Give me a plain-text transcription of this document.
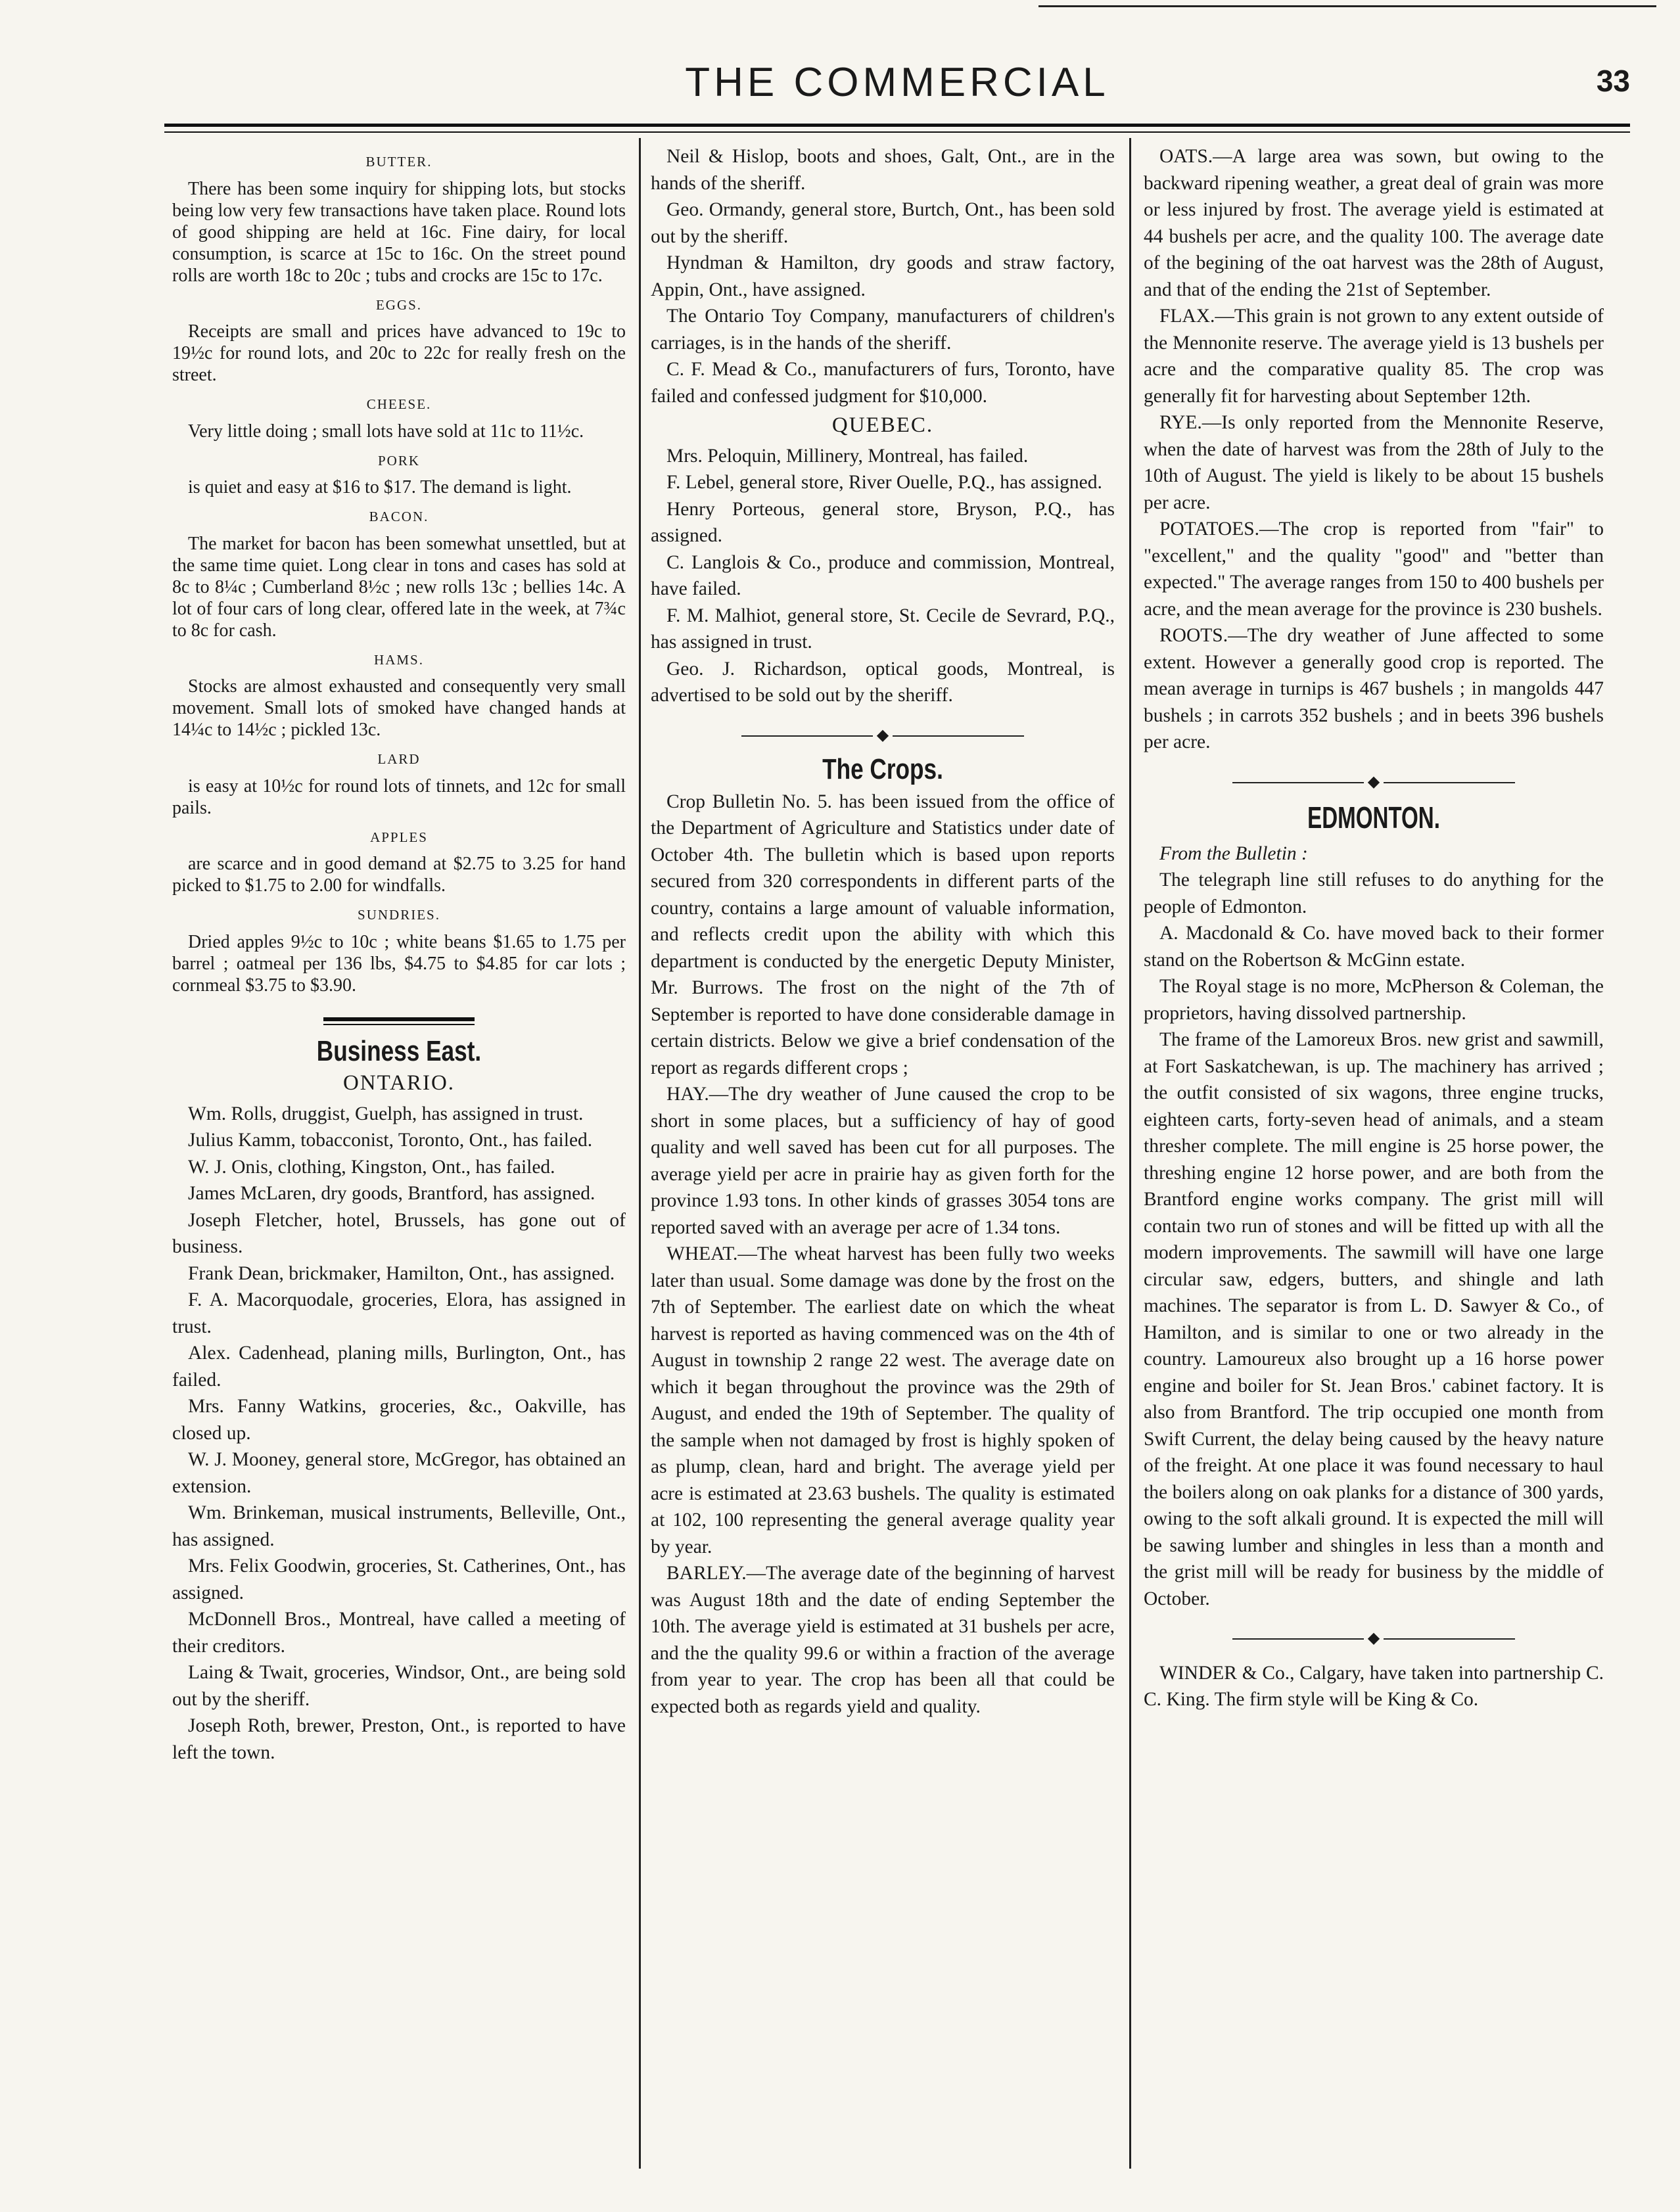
THE COMMERCIAL	33
BUTTER.

There has been some inquiry for shipping lots, but stocks being low very few transactions have taken place. Round lots of good shipping are held at 16c. Fine dairy, for local consumption, is scarce at 15c to 16c. On the street pound rolls are worth 18c to 20c ; tubs and crocks are 15c to 17c.

EGGS.

Receipts are small and prices have advanced to 19c to 19½c for round lots, and 20c to 22c for really fresh on the street.

CHEESE.

Very little doing ; small lots have sold at 11c to 11½c.

PORK

is quiet and easy at $16 to $17. The demand is light.

BACON.

The market for bacon has been somewhat unsettled, but at the same time quiet. Long clear in tons and cases has sold at 8c to 8¼c ; Cumberland 8½c ; new rolls 13c ; bellies 14c. A lot of four cars of long clear, offered late in the week, at 7¾c to 8c for cash.

HAMS.

Stocks are almost exhausted and consequently very small movement. Small lots of smoked have changed hands at 14¼c to 14½c ; pickled 13c.

LARD

is easy at 10½c for round lots of tinnets, and 12c for small pails.

APPLES

are scarce and in good demand at $2.75 to 3.25 for hand picked to $1.75 to 2.00 for windfalls.

SUNDRIES.

Dried apples 9½c to 10c ; white beans $1.65 to 1.75 per barrel ; oatmeal per 136 lbs, $4.75 to $4.85 for car lots ; cornmeal $3.75 to $3.90.

Business East.
ONTARIO.

Wm. Rolls, druggist, Guelph, has assigned in trust.

Julius Kamm, tobacconist, Toronto, Ont., has failed.

W. J. Onis, clothing, Kingston, Ont., has failed.

James McLaren, dry goods, Brantford, has assigned.

Joseph Fletcher, hotel, Brussels, has gone out of business.

Frank Dean, brickmaker, Hamilton, Ont., has assigned.

F. A. Macorquodale, groceries, Elora, has assigned in trust.

Alex. Cadenhead, planing mills, Burlington, Ont., has failed.

Mrs. Fanny Watkins, groceries, &c., Oakville, has closed up.

W. J. Mooney, general store, McGregor, has obtained an extension.

Wm. Brinkeman, musical instruments, Belleville, Ont., has assigned.

Mrs. Felix Goodwin, groceries, St. Catherines, Ont., has assigned.

McDonnell Bros., Montreal, have called a meeting of their creditors.

Laing & Twait, groceries, Windsor, Ont., are being sold out by the sheriff.

Joseph Roth, brewer, Preston, Ont., is reported to have left the town.

Neil & Hislop, boots and shoes, Galt, Ont., are in the hands of the sheriff.

Geo. Ormandy, general store, Burtch, Ont., has been sold out by the sheriff.

Hyndman & Hamilton, dry goods and straw factory, Appin, Ont., have assigned.

The Ontario Toy Company, manufacturers of children's carriages, is in the hands of the sheriff.

C. F. Mead & Co., manufacturers of furs, Toronto, have failed and confessed judgment for $10,000.

QUEBEC.

Mrs. Peloquin, Millinery, Montreal, has failed.

F. Lebel, general store, River Ouelle, P.Q., has assigned.

Henry Porteous, general store, Bryson, P.Q., has assigned.

C. Langlois & Co., produce and commission, Montreal, have failed.

F. M. Malhiot, general store, St. Cecile de Sevrard, P.Q., has assigned in trust.

Geo. J. Richardson, optical goods, Montreal, is advertised to be sold out by the sheriff.

◆
The Crops.

Crop Bulletin No. 5. has been issued from the office of the Department of Agriculture and Statistics under date of October 4th. The bulletin which is based upon reports secured from 320 correspondents in different parts of the country, contains a large amount of valuable information, and reflects credit upon the ability with which this department is conducted by the energetic Deputy Minister, Mr. Burrows. The frost on the night of the 7th of September is reported to have done considerable damage in certain districts. Below we give a brief condensation of the report as regards different crops ;

HAY.—The dry weather of June caused the crop to be short in some places, but a sufficiency of hay of good quality and well saved has been cut for all purposes. The average yield per acre in prairie hay as given forth for the province 1.93 tons. In other kinds of grasses 3054 tons are reported saved with an average per acre of 1.34 tons.

WHEAT.—The wheat harvest has been fully two weeks later than usual. Some damage was done by the frost on the 7th of September. The earliest date on which the wheat harvest is reported as having commenced was on the 4th of August in township 2 range 22 west. The average date on which it began throughout the province was the 29th of August, and ended the 19th of September. The quality of the sample when not damaged by frost is highly spoken of as plump, clean, hard and bright. The average yield per acre is estimated at 23.63 bushels. The quality is estimated at 102, 100 representing the general average quality year by year.

BARLEY.—The average date of the beginning of harvest was August 18th and the date of ending September the 10th. The average yield is estimated at 31 bushels per acre, and the the quality 99.6 or within a fraction of the average from year to year. The crop has been all that could be expected both as regards yield and quality.

OATS.—A large area was sown, but owing to the backward ripening weather, a great deal of grain was more or less injured by frost. The average yield is estimated at 44 bushels per acre, and the quality 100. The average date of the begining of the oat harvest was the 28th of August, and that of the ending the 21st of September.

FLAX.—This grain is not grown to any extent outside of the Mennonite reserve. The average yield is 13 bushels per acre and the comparative quality 85. The crop was generally fit for harvesting about September 12th.

RYE.—Is only reported from the Mennonite Reserve, when the date of harvest was from the 28th of July to the 10th of August. The yield is likely to be about 15 bushels per acre.

POTATOES.—The crop is reported from "fair" to "excellent," and the quality "good" and "better than expected." The average ranges from 150 to 400 bushels per acre, and the mean average for the province is 230 bushels.

ROOTS.—The dry weather of June affected to some extent. However a generally good crop is reported. The mean average in turnips is 467 bushels ; in mangolds 447 bushels ; in carrots 352 bushels ; and in beets 396 bushels per acre.

◆
EDMONTON.

From the Bulletin :

The telegraph line still refuses to do anything for the people of Edmonton.

A. Macdonald & Co. have moved back to their former stand on the Robertson & McGinn estate.

The Royal stage is no more, McPherson & Coleman, the proprietors, having dissolved partnership.

The frame of the Lamoreux Bros. new grist and sawmill, at Fort Saskatchewan, is up. The machinery has arrived ; the outfit consisted of six wagons, three engine trucks, eighteen carts, forty-seven head of animals, and a steam thresher complete. The mill engine is 25 horse power, the threshing engine 12 horse power, and are both from the Brantford engine works company. The grist mill will contain two run of stones and will be fitted up with all the modern improvements. The sawmill will have one large circular saw, edgers, butters, and shingle and lath machines. The separator is from L. D. Sawyer & Co., of Hamilton, and is similar to one or two already in the country. Lamoureux also brought up a 16 horse power engine and boiler for St. Jean Bros.' cabinet factory. It is also from Brantford. The trip occupied one month from Swift Current, the delay being caused by the heavy nature of the freight. At one place it was found necessary to haul the boilers along on oak planks for a distance of 300 yards, owing to the soft alkali ground. It is expected the mill will be sawing lumber and shingles in less than a month and the grist mill will be ready for business by the middle of October.

◆

WINDER & Co., Calgary, have taken into partnership C. C. King. The firm style will be King & Co.
